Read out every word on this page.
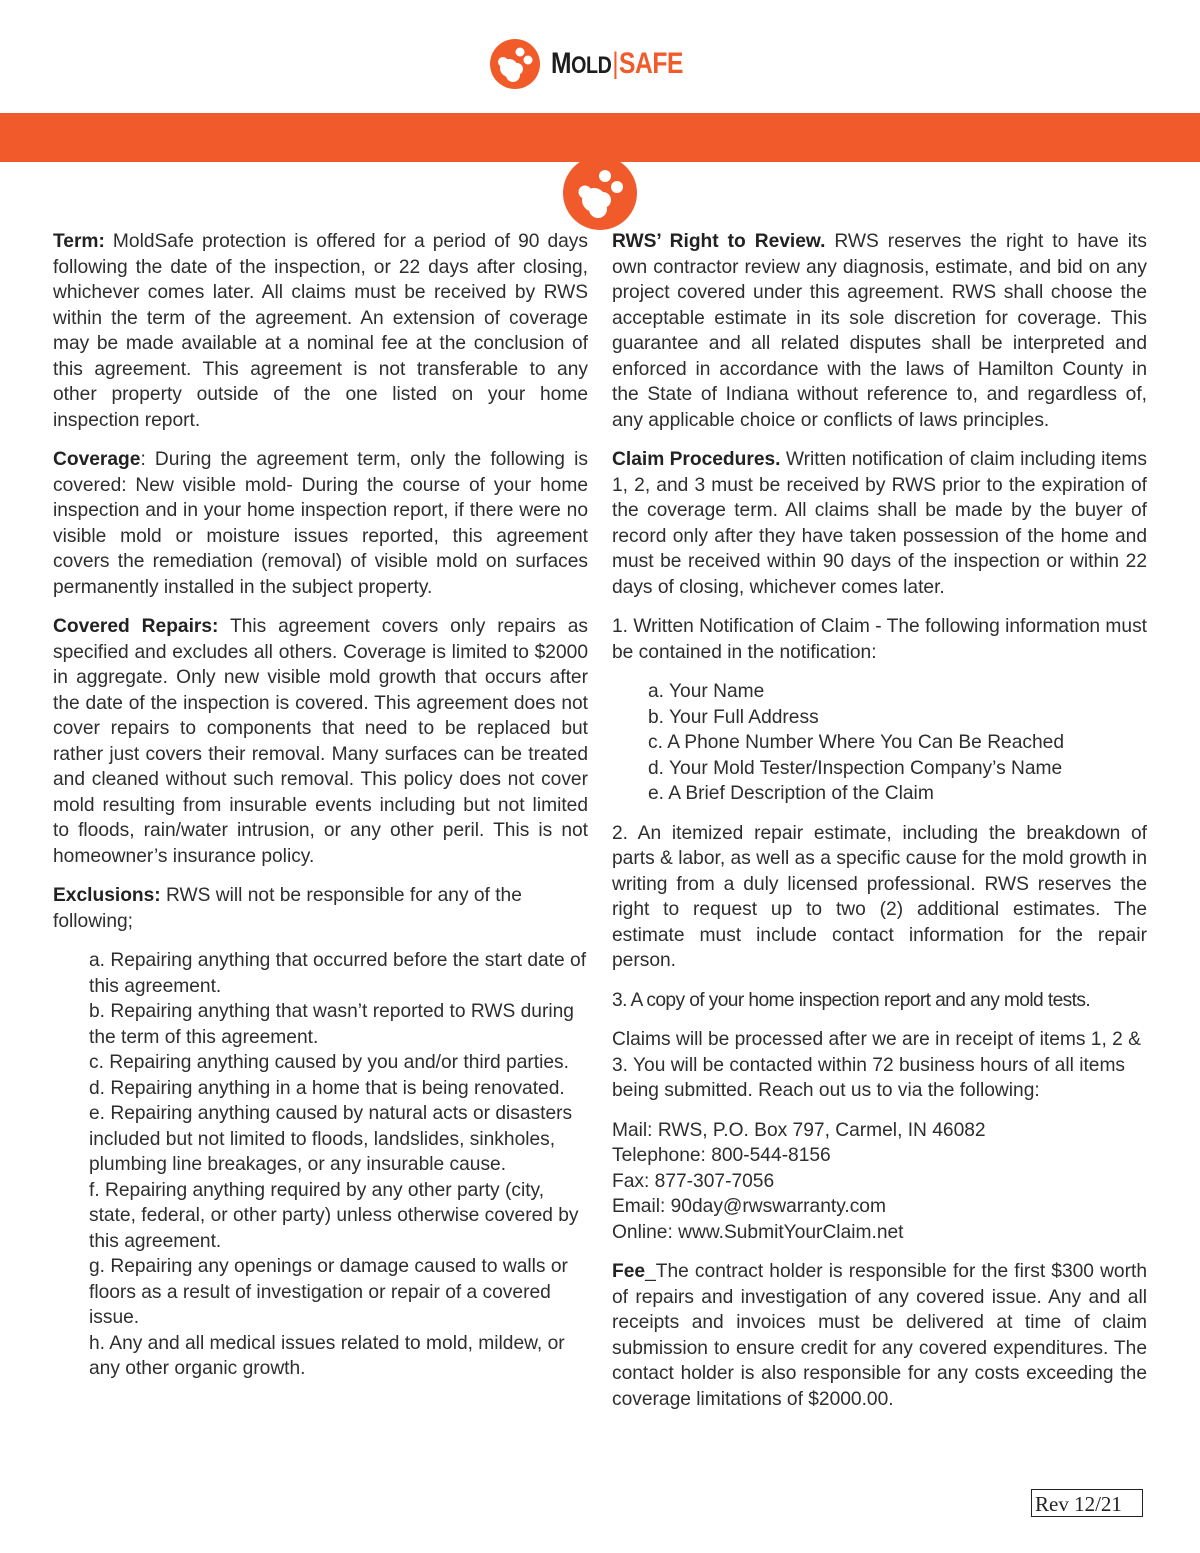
MOLD | SAFE

Term: MoldSafe protection is offered for a period of 90 days following the date of the inspection, or 22 days after closing, whichever comes later. All claims must be received by RWS within the term of the agreement. An extension of coverage may be made available at a nominal fee at the conclusion of this agreement. This agreement is not transferable to any other property outside of the one listed on your home inspection report.

Coverage: During the agreement term, only the following is covered: New visible mold- During the course of your home inspection and in your home inspection report, if there were no visible mold or moisture issues reported, this agreement covers the remediation (removal) of visible mold on surfaces permanently installed in the subject property.

Covered Repairs: This agreement covers only repairs as specified and excludes all others. Coverage is limited to $2000 in aggregate. Only new visible mold growth that occurs after the date of the inspection is covered. This agreement does not cover repairs to components that need to be replaced but rather just covers their removal. Many surfaces can be treated and cleaned without such removal. This policy does not cover mold resulting from insurable events including but not limited to floods, rain/water intrusion, or any other peril. This is not homeowner’s insurance policy.

Exclusions: RWS will not be responsible for any of the following;

a. Repairing anything that occurred before the start date of this agreement.
b. Repairing anything that wasn’t reported to RWS during the term of this agreement.
c. Repairing anything caused by you and/or third parties.
d. Repairing anything in a home that is being renovated.
e. Repairing anything caused by natural acts or disasters included but not limited to floods, landslides, sinkholes, plumbing line breakages, or any insurable cause.
f. Repairing anything required by any other party (city, state, federal, or other party) unless otherwise covered by this agreement.
g. Repairing any openings or damage caused to walls or floors as a result of investigation or repair of a covered issue.
h. Any and all medical issues related to mold, mildew, or any other organic growth.

RWS’ Right to Review. RWS reserves the right to have its own contractor review any diagnosis, estimate, and bid on any project covered under this agreement. RWS shall choose the acceptable estimate in its sole discretion for coverage. This guarantee and all related disputes shall be interpreted and enforced in accordance with the laws of Hamilton County in the State of Indiana without reference to, and regardless of, any applicable choice or conflicts of laws principles.

Claim Procedures. Written notification of claim including items 1, 2, and 3 must be received by RWS prior to the expiration of the coverage term. All claims shall be made by the buyer of record only after they have taken possession of the home and must be received within 90 days of the inspection or within 22 days of closing, whichever comes later.

1. Written Notification of Claim - The following information must be contained in the notification:

a. Your Name
b. Your Full Address
c. A Phone Number Where You Can Be Reached
d. Your Mold Tester/Inspection Company’s Name
e. A Brief Description of the Claim

2. An itemized repair estimate, including the breakdown of parts & labor, as well as a specific cause for the mold growth in writing from a duly licensed professional. RWS reserves the right to request up to two (2) additional estimates. The estimate must include contact information for the repair person.

3. A copy of your home inspection report and any mold tests.

Claims will be processed after we are in receipt of items 1, 2 & 3. You will be contacted within 72 business hours of all items being submitted. Reach out us to via the following:

Mail: RWS, P.O. Box 797, Carmel, IN 46082
Telephone: 800-544-8156
Fax: 877-307-7056
Email: 90day@rwswarranty.com
Online: www.SubmitYourClaim.net

Fee_The contract holder is responsible for the first $300 worth of repairs and investigation of any covered issue. Any and all receipts and invoices must be delivered at time of claim submission to ensure credit for any covered expenditures. The contact holder is also responsible for any costs exceeding the coverage limitations of $2000.00.

Rev 12/21
